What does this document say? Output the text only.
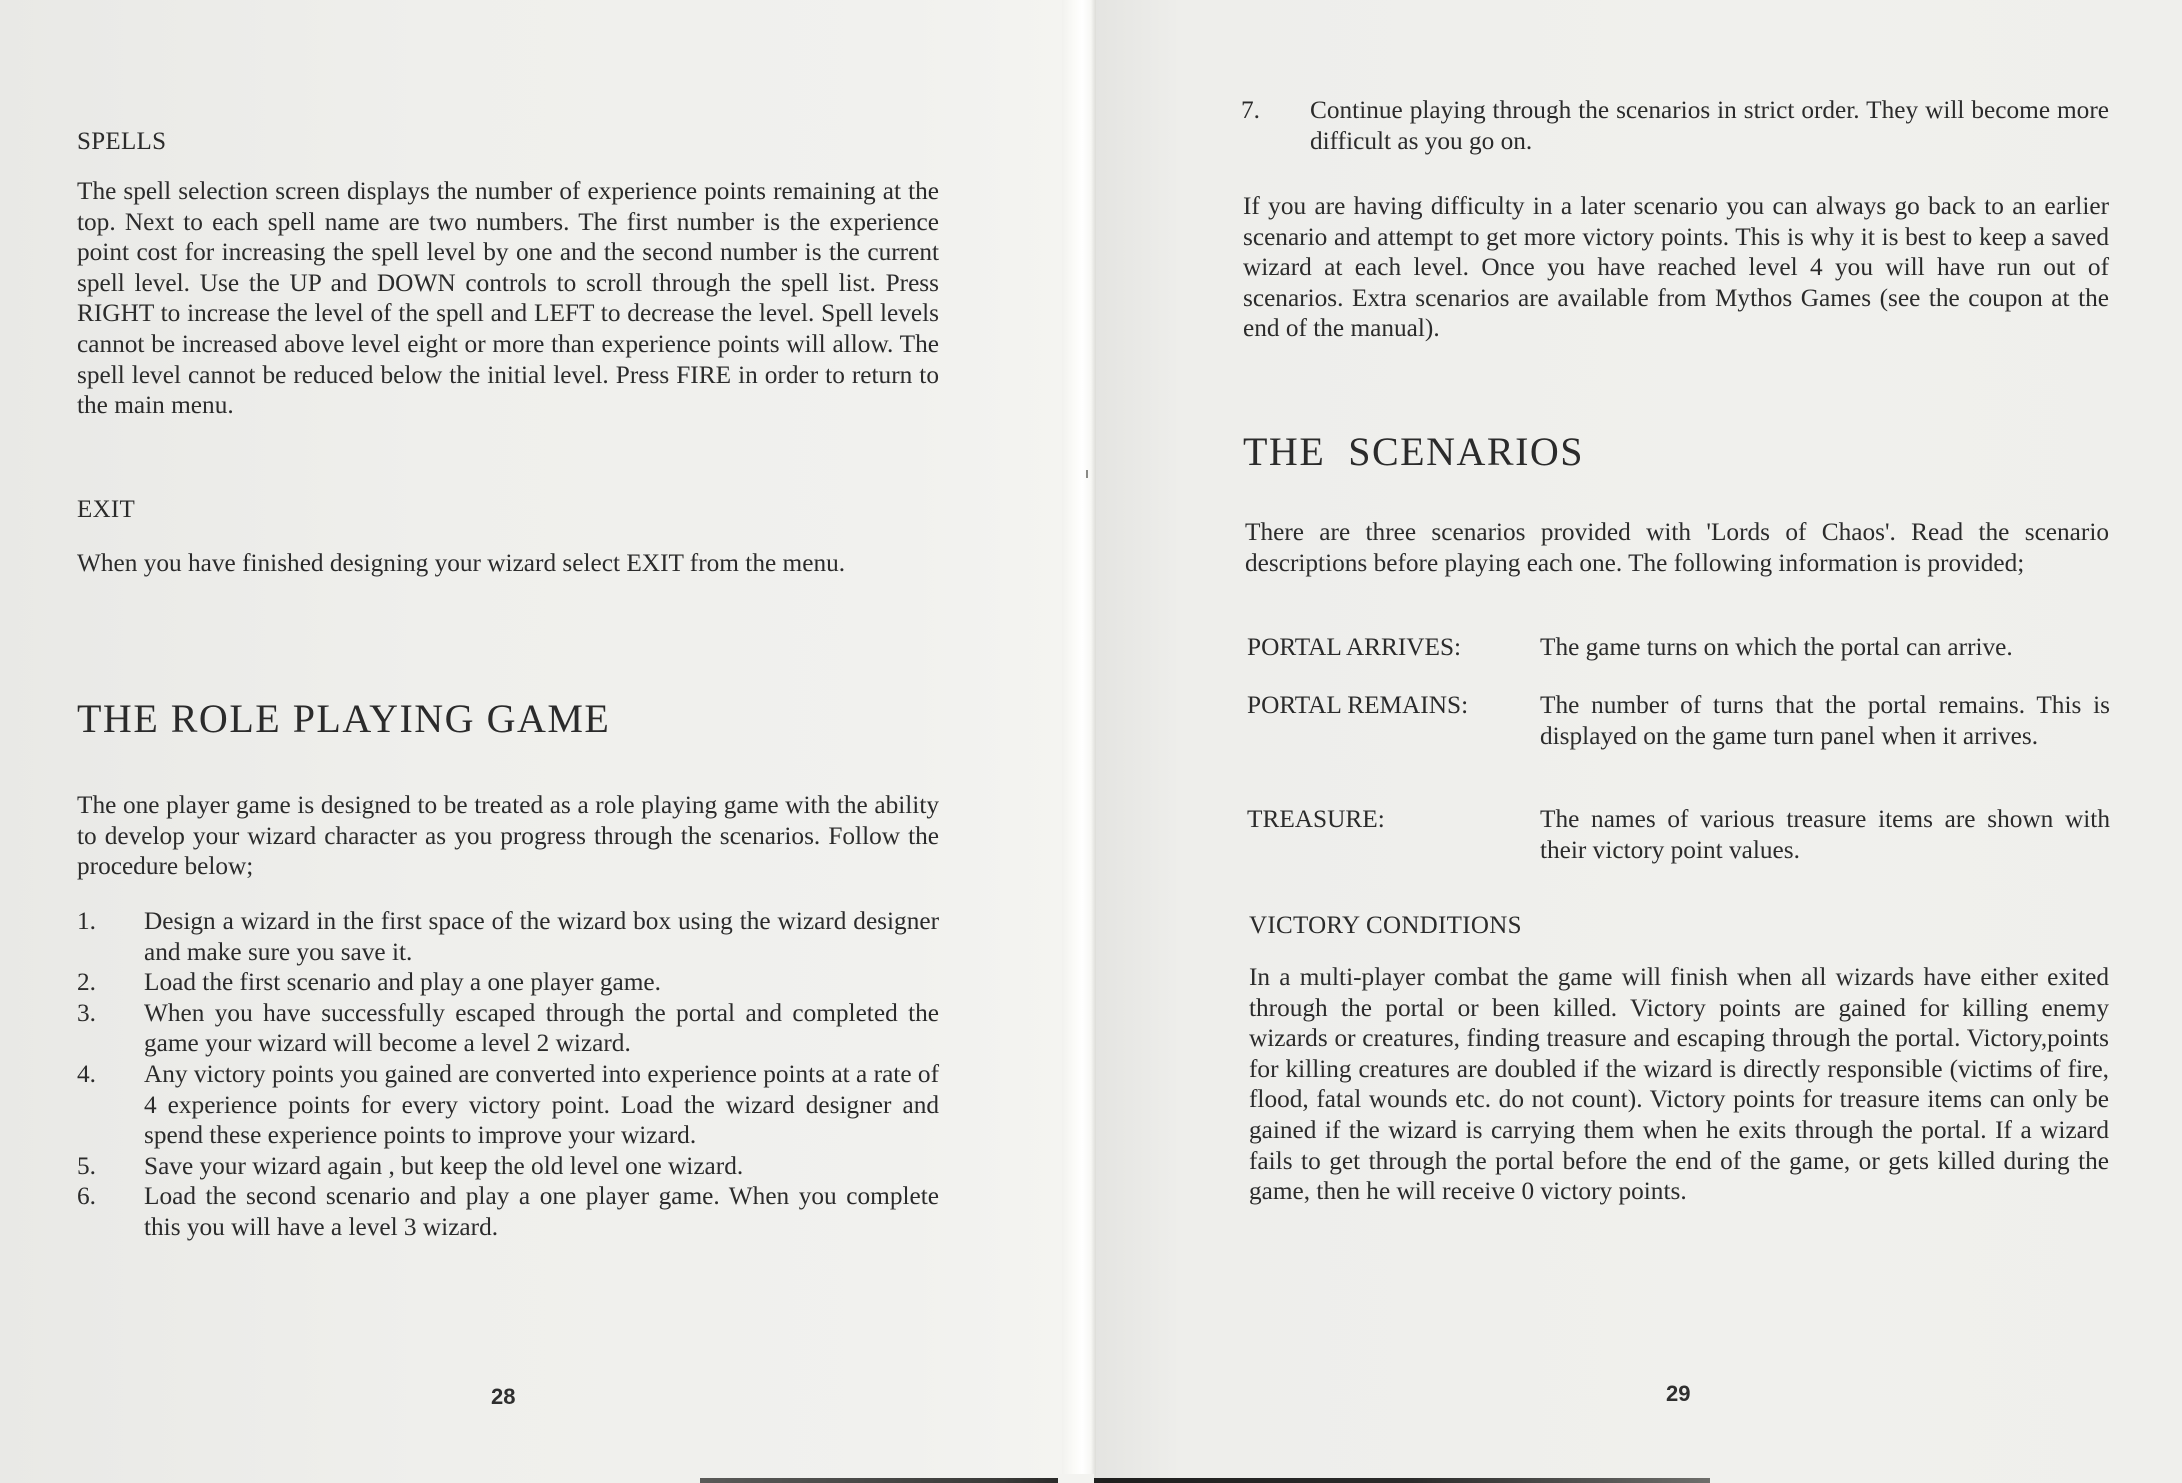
SPELLS
The spell selection screen displays the number of experience points remaining at the top. Next to each spell name are two numbers. The first number is the experience point cost for increasing the spell level by one and the second number is the current spell level. Use the UP and DOWN controls to scroll through the spell list. Press RIGHT to increase the level of the spell and LEFT to decrease the level. Spell levels cannot be increased above level eight or more than experience points will allow. The spell level cannot be reduced below the initial level. Press FIRE in order to return to the main menu.
EXIT
When you have finished designing your wizard select EXIT from the menu.
THE ROLE PLAYING GAME
The one player game is designed to be treated as a role playing game with the ability to develop your wizard character as you progress through the scenarios. Follow the procedure below;
1. Design a wizard in the first space of the wizard box using the wizard designer and make sure you save it.
2. Load the first scenario and play a one player game.
3. When you have successfully escaped through the portal and completed the game your wizard will become a level 2 wizard.
4. Any victory points you gained are converted into experience points at a rate of 4 experience points for every victory point. Load the wizard designer and spend these experience points to improve your wizard.
5. Save your wizard again , but keep the old level one wizard.
6. Load the second scenario and play a one player game. When you complete this you will have a level 3 wizard.
28
7. Continue playing through the scenarios in strict order. They will become more difficult as you go on.
If you are having difficulty in a later scenario you can always go back to an earlier scenario and attempt to get more victory points. This is why it is best to keep a saved wizard at each level. Once you have reached level 4 you will have run out of scenarios. Extra scenarios are available from Mythos Games (see the coupon at the end of the manual).
THE  SCENARIOS
There are three scenarios provided with 'Lords of Chaos'. Read the scenario descriptions before playing each one. The following information is provided;
PORTAL ARRIVES:	The game turns on which the portal can arrive.
PORTAL REMAINS:	The number of turns that the portal remains. This is displayed on the game turn panel when it arrives.
TREASURE:	The names of various treasure items are shown with their victory point values.
VICTORY CONDITIONS
In a multi-player combat the game will finish when all wizards have either exited through the portal or been killed. Victory points are gained for killing enemy wizards or creatures, finding treasure and escaping through the portal. Victory,points for killing creatures are doubled if the wizard is directly responsible (victims of fire, flood, fatal wounds etc. do not count). Victory points for treasure items can only be gained if the wizard is carrying them when he exits through the portal. If a wizard fails to get through the portal before the end of the game, or gets killed during the game, then he will receive 0 victory points.
29
